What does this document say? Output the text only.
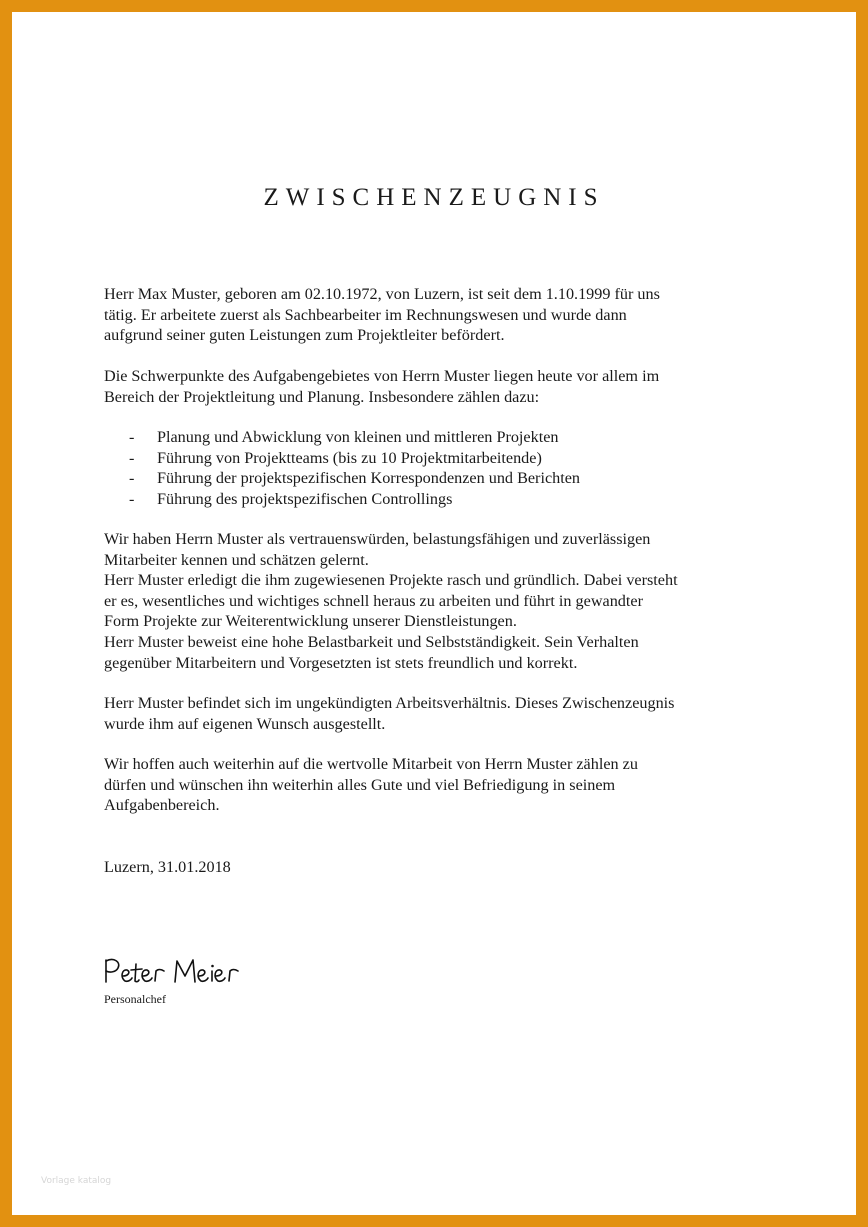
ZWISCHENZEUGNIS

Herr Max Muster, geboren am 02.10.1972, von Luzern, ist seit dem 1.10.1999 für uns

tätig. Er arbeitete zuerst als Sachbearbeiter im Rechnungswesen und wurde dann

aufgrund seiner guten Leistungen zum Projektleiter befördert.

Die Schwerpunkte des Aufgabengebietes von Herrn Muster liegen heute vor allem im

Bereich der Projektleitung und Planung. Insbesondere zählen dazu:

- Planung und Abwicklung von kleinen und mittleren Projekten
- Führung von Projektteams (bis zu 10 Projektmitarbeitende)
- Führung der projektspezifischen Korrespondenzen und Berichten
- Führung des projektspezifischen Controllings

Wir haben Herrn Muster als vertrauenswürden, belastungsfähigen und zuverlässigen

Mitarbeiter kennen und schätzen gelernt.

Herr Muster erledigt die ihm zugewiesenen Projekte rasch und gründlich. Dabei versteht

er es, wesentliches und wichtiges schnell heraus zu arbeiten und führt in gewandter

Form Projekte zur Weiterentwicklung unserer Dienstleistungen.

Herr Muster beweist eine hohe Belastbarkeit und Selbstständigkeit. Sein Verhalten

gegenüber Mitarbeitern und Vorgesetzten ist stets freundlich und korrekt.

Herr Muster befindet sich im ungekündigten Arbeitsverhältnis. Dieses Zwischenzeugnis

wurde ihm auf eigenen Wunsch ausgestellt.

Wir hoffen auch weiterhin auf die wertvolle Mitarbeit von Herrn Muster zählen zu

dürfen und wünschen ihn weiterhin alles Gute und viel Befriedigung in seinem

Aufgabenbereich.

Luzern, 31.01.2018
Personalchef
Vorlage katalog
